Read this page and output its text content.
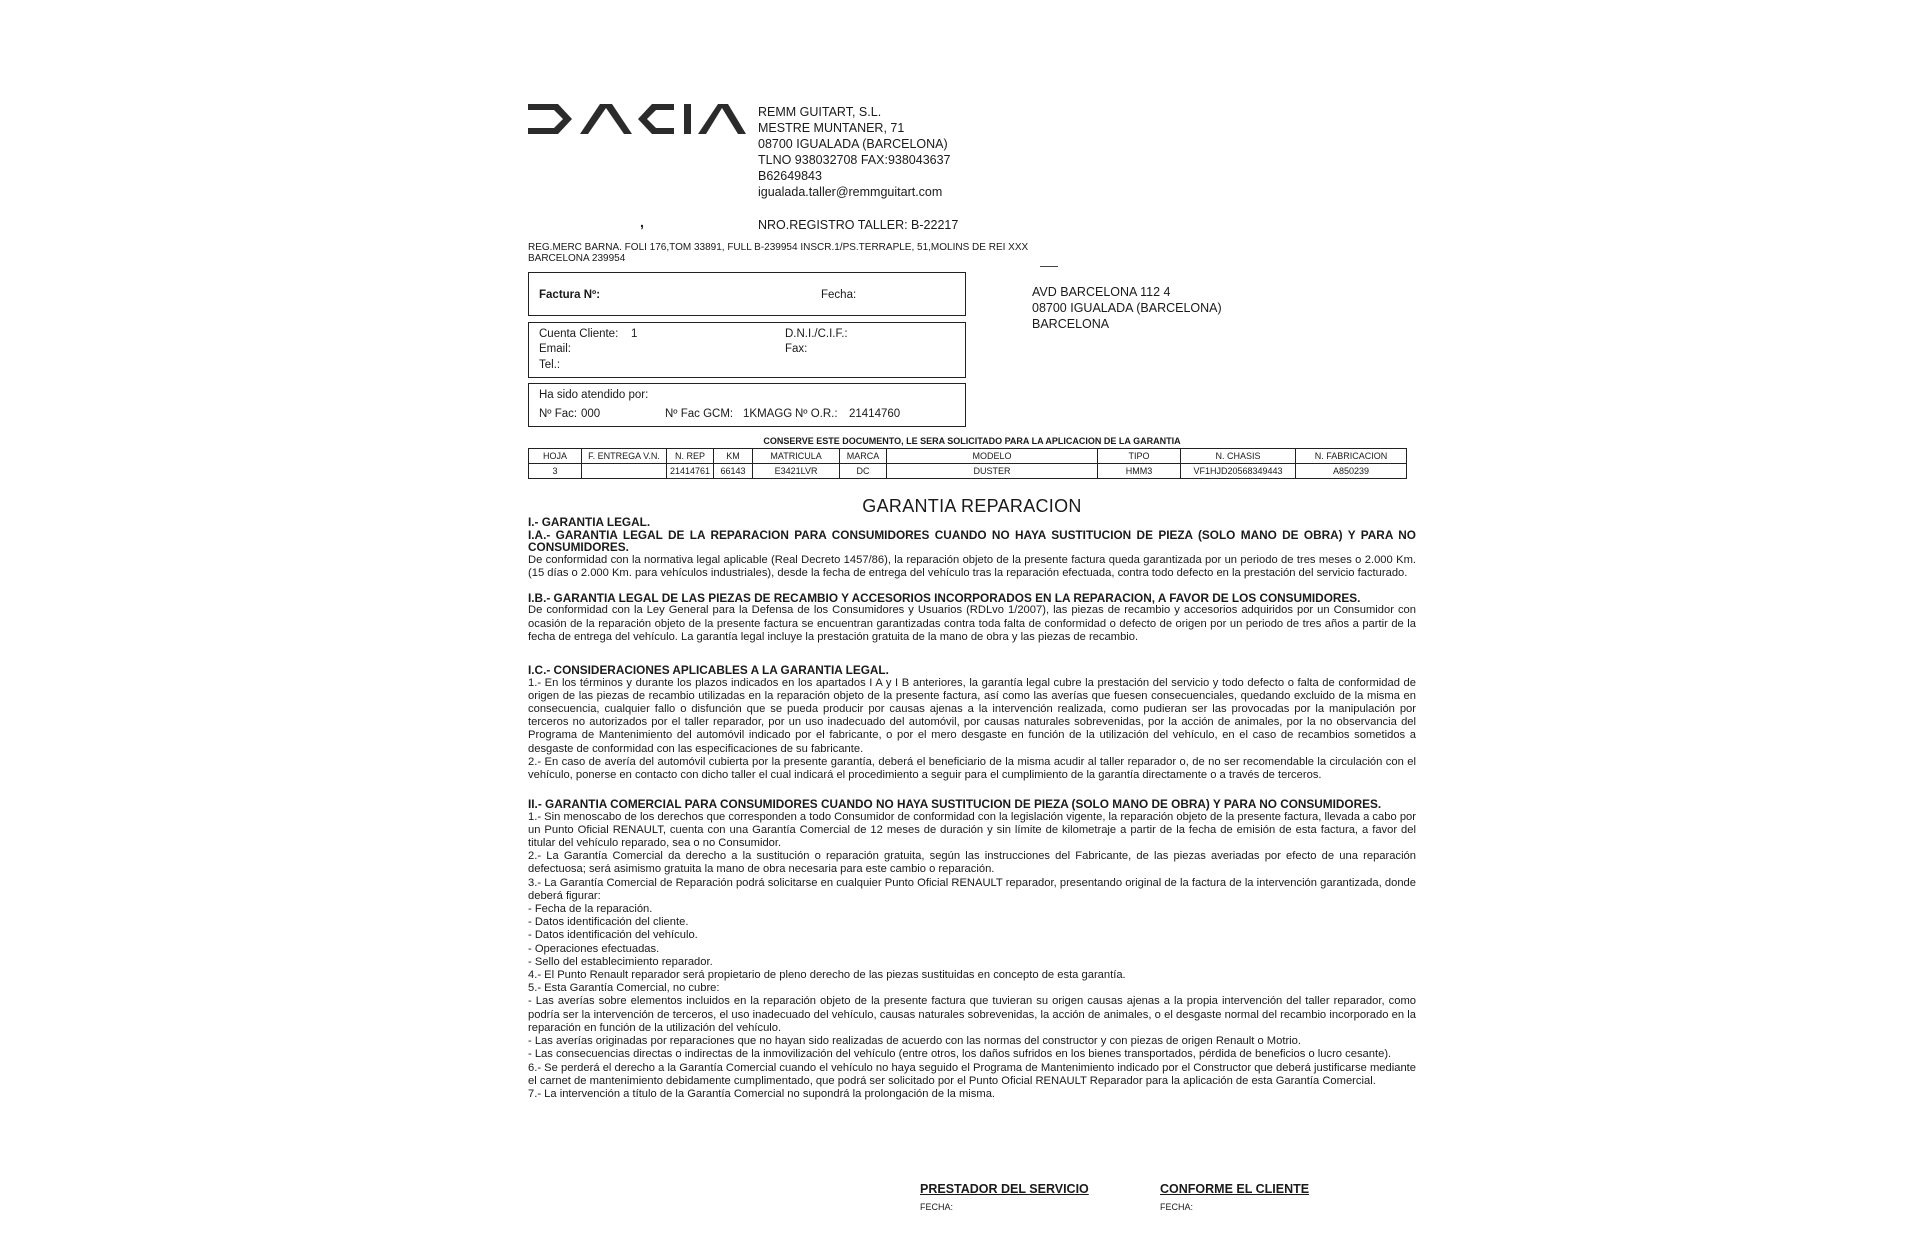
REMM GUITART, S.L.
MESTRE MUNTANER, 71
08700 IGUALADA (BARCELONA)
TLNO 938032708 FAX:938043637
B62649843
igualada.taller@remmguitart.com
,	NRO.REGISTRO TALLER: B-22217
REG.MERC BARNA. FOLI 176,TOM 33891, FULL B-239954 INSCR.1/PS.TERRAPLE, 51,MOLINS DE REI XXX BARCELONA 239954
Factura Nº:	Fecha:
Cuenta Cliente: 1	D.N.I./C.I.F.:
Email:	Fax:
Tel.:
Ha sido atendido por:
Nº Fac: 000	Nº Fac GCM: 1KMAGG Nº O.R.: 21414760
AVD BARCELONA 112 4
08700 IGUALADA (BARCELONA)
BARCELONA
CONSERVE ESTE DOCUMENTO, LE SERA SOLICITADO PARA LA APLICACION DE LA GARANTIA
HOJA	F. ENTREGA V.N.	N. REP	KM	MATRICULA	MARCA	MODELO	TIPO	N. CHASIS	N. FABRICACION
3		21414761	66143	E3421LVR	DC	DUSTER	HMM3	VF1HJD20568349443	A850239
GARANTIA REPARACION

I.- GARANTIA LEGAL.

I.A.- GARANTIA LEGAL DE LA REPARACION PARA CONSUMIDORES CUANDO NO HAYA SUSTITUCION DE PIEZA (SOLO MANO DE OBRA) Y PARA NO CONSUMIDORES.

De conformidad con la normativa legal aplicable (Real Decreto 1457/86), la reparación objeto de la presente factura queda garantizada por un periodo de tres meses o 2.000 Km. (15 días o 2.000 Km. para vehículos industriales), desde la fecha de entrega del vehículo tras la reparación efectuada, contra todo defecto en la prestación del servicio facturado.

I.B.- GARANTIA LEGAL DE LAS PIEZAS DE RECAMBIO Y ACCESORIOS INCORPORADOS EN LA REPARACION, A FAVOR DE LOS CONSUMIDORES.

De conformidad con la Ley General para la Defensa de los Consumidores y Usuarios (RDLvo 1/2007), las piezas de recambio y accesorios adquiridos por un Consumidor con ocasión de la reparación objeto de la presente factura se encuentran garantizadas contra toda falta de conformidad o defecto de origen por un periodo de tres años a partir de la fecha de entrega del vehículo. La garantía legal incluye la prestación gratuita de la mano de obra y las piezas de recambio.

I.C.- CONSIDERACIONES APLICABLES A LA GARANTIA LEGAL.

1.- En los términos y durante los plazos indicados en los apartados I A y I B anteriores, la garantía legal cubre la prestación del servicio y todo defecto o falta de conformidad de origen de las piezas de recambio utilizadas en la reparación objeto de la presente factura, así como las averías que fuesen consecuenciales, quedando excluido de la misma en consecuencia, cualquier fallo o disfunción que se pueda producir por causas ajenas a la intervención realizada, como pudieran ser las provocadas por la manipulación por terceros no autorizados por el taller reparador, por un uso inadecuado del automóvil, por causas naturales sobrevenidas, por la acción de animales, por la no observancia del Programa de Mantenimiento del automóvil indicado por el fabricante, o por el mero desgaste en función de la utilización del vehículo, en el caso de recambios sometidos a desgaste de conformidad con las especificaciones de su fabricante.

2.- En caso de avería del automóvil cubierta por la presente garantía, deberá el beneficiario de la misma acudir al taller reparador o, de no ser recomendable la circulación con el vehículo, ponerse en contacto con dicho taller el cual indicará el procedimiento a seguir para el cumplimiento de la garantía directamente o a través de terceros.

II.- GARANTIA COMERCIAL PARA CONSUMIDORES CUANDO NO HAYA SUSTITUCION DE PIEZA (SOLO MANO DE OBRA) Y PARA NO CONSUMIDORES.

1.- Sin menoscabo de los derechos que corresponden a todo Consumidor de conformidad con la legislación vigente, la reparación objeto de la presente factura, llevada a cabo por un Punto Oficial RENAULT, cuenta con una Garantía Comercial de 12 meses de duración y sin límite de kilometraje a partir de la fecha de emisión de esta factura, a favor del titular del vehículo reparado, sea o no Consumidor.

2.- La Garantía Comercial da derecho a la sustitución o reparación gratuita, según las instrucciones del Fabricante, de las piezas averiadas por efecto de una reparación defectuosa; será asimismo gratuita la mano de obra necesaria para este cambio o reparación.

3.- La Garantía Comercial de Reparación podrá solicitarse en cualquier Punto Oficial RENAULT reparador, presentando original de la factura de la intervención garantizada, donde deberá figurar:

- Fecha de la reparación.

- Datos identificación del cliente.

- Datos identificación del vehículo.

- Operaciones efectuadas.

- Sello del establecimiento reparador.

4.- El Punto Renault reparador será propietario de pleno derecho de las piezas sustituidas en concepto de esta garantía.

5.- Esta Garantía Comercial, no cubre:

- Las averías sobre elementos incluidos en la reparación objeto de la presente factura que tuvieran su origen causas ajenas a la propia intervención del taller reparador, como podría ser la intervención de terceros, el uso inadecuado del vehículo, causas naturales sobrevenidas, la acción de animales, o el desgaste normal del recambio incorporado en la reparación en función de la utilización del vehículo.

- Las averías originadas por reparaciones que no hayan sido realizadas de acuerdo con las normas del constructor y con piezas de origen Renault o Motrio.

- Las consecuencias directas o indirectas de la inmovilización del vehículo (entre otros, los daños sufridos en los bienes transportados, pérdida de beneficios o lucro cesante).

6.- Se perderá el derecho a la Garantía Comercial cuando el vehículo no haya seguido el Programa de Mantenimiento indicado por el Constructor que deberá justificarse mediante el carnet de mantenimiento debidamente cumplimentado, que podrá ser solicitado por el Punto Oficial RENAULT Reparador para la aplicación de esta Garantía Comercial.

7.- La intervención a título de la Garantía Comercial no supondrá la prolongación de la misma.

PRESTADOR DEL SERVICIO	CONFORME EL CLIENTE
FECHA:	FECHA:
